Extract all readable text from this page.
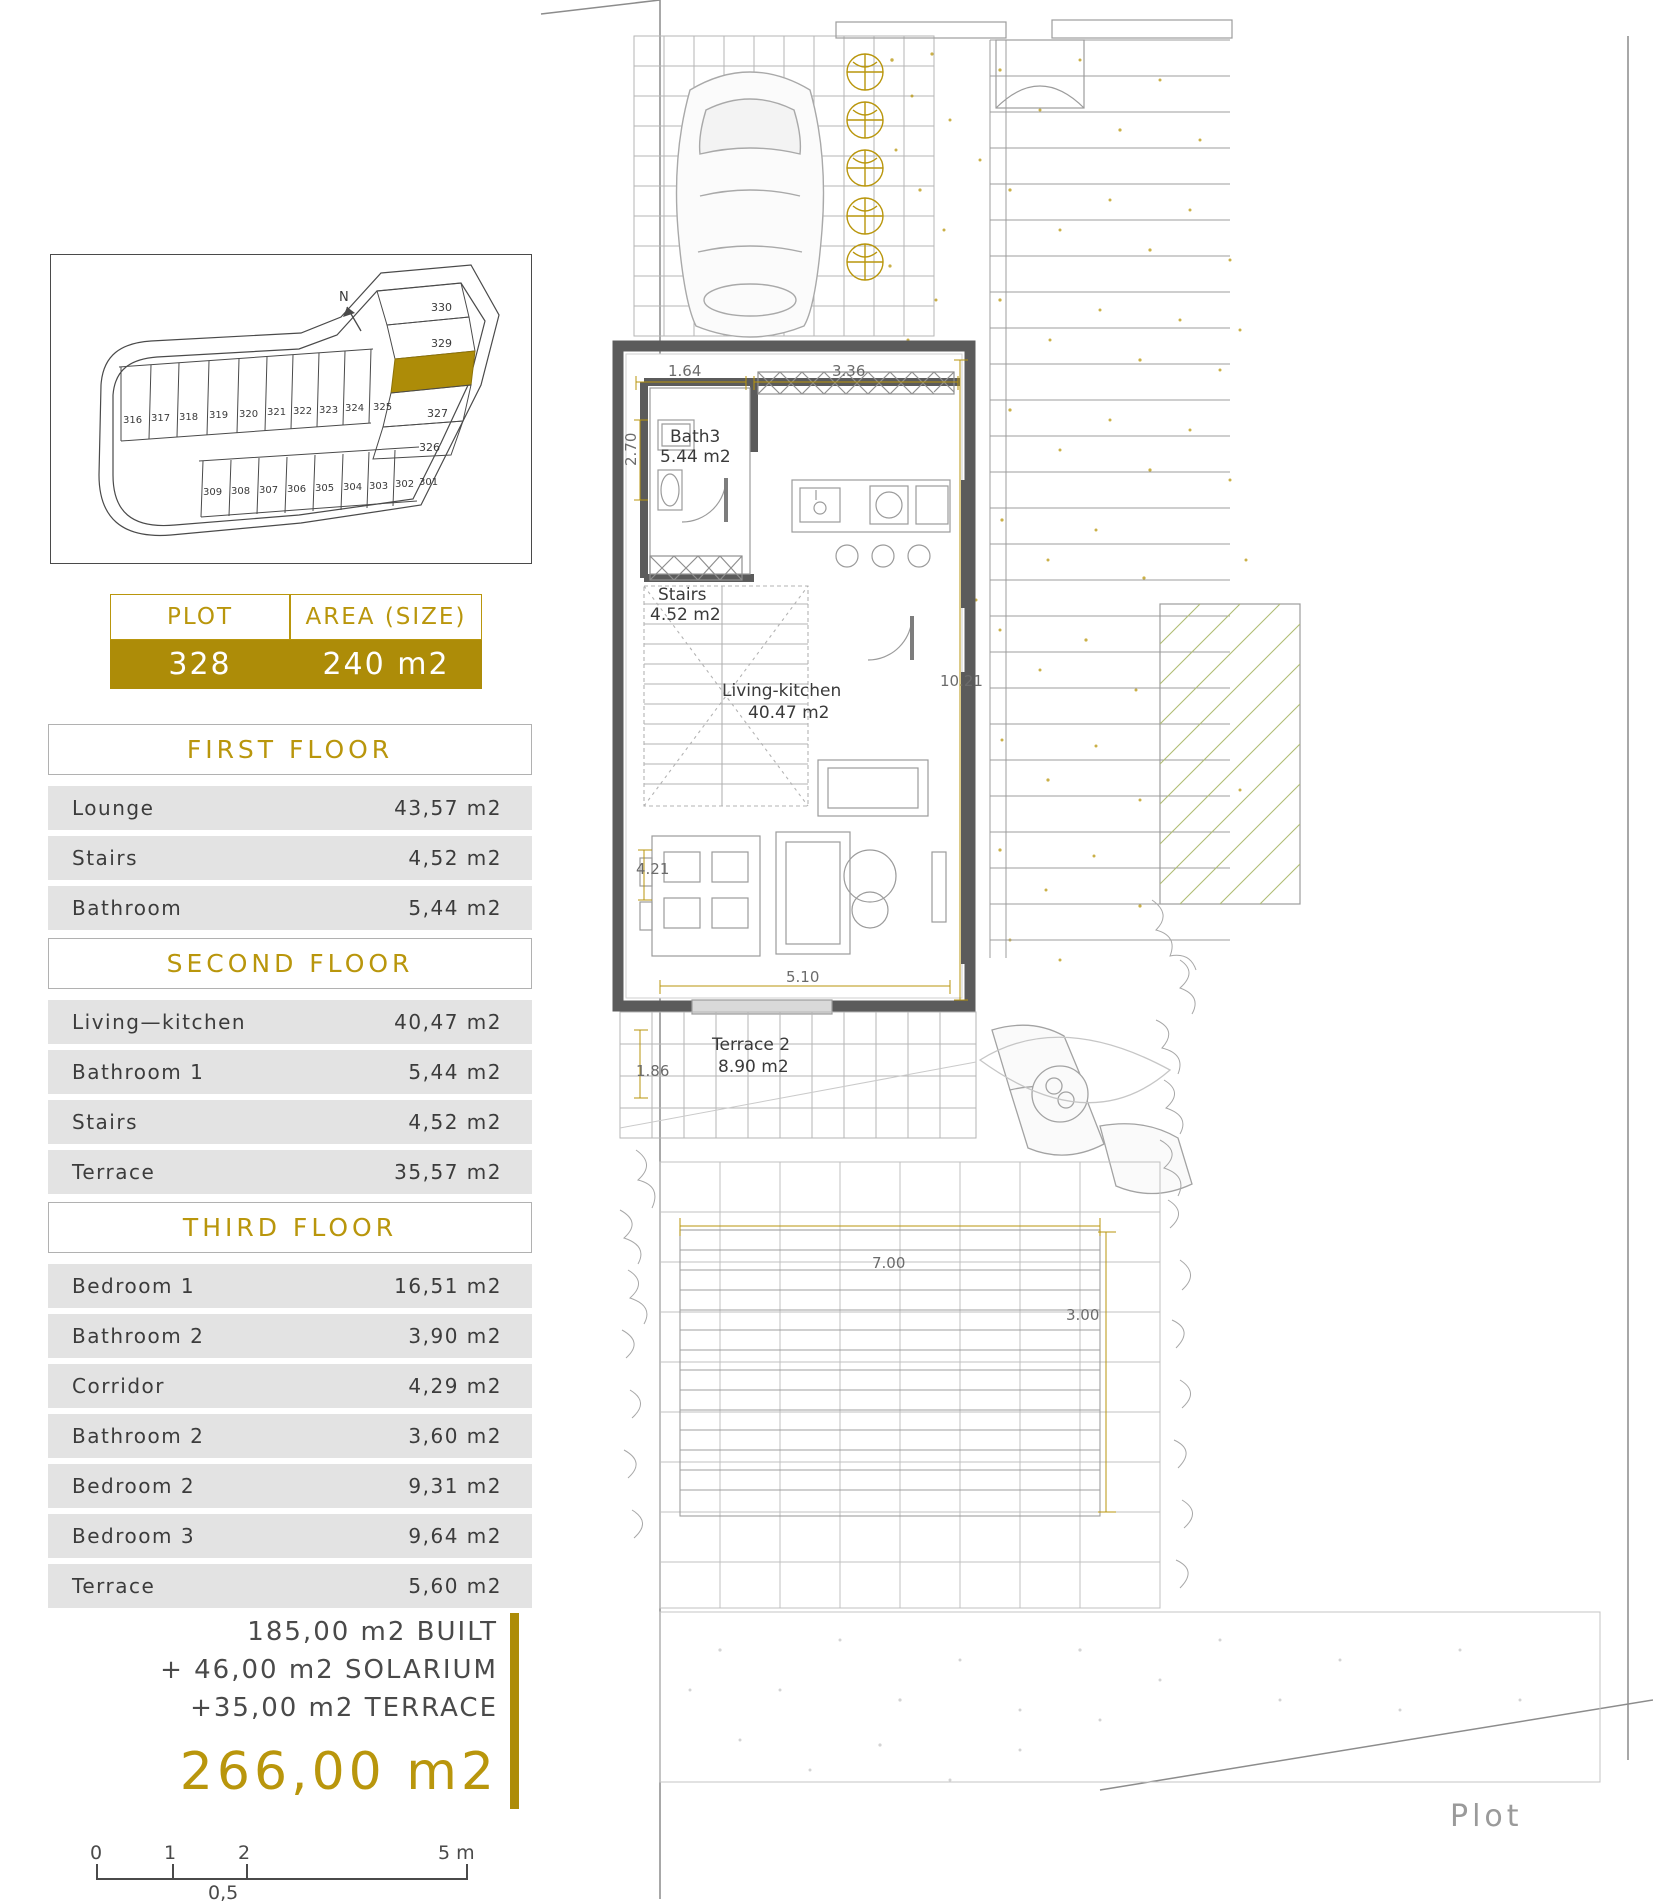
330
329
327
326
316 317 318 319 320 321 322 323 324 325
309 308 307 306 305 304 303 302 301
N
PLOT	AREA (SIZE)
328	240 m2
FIRST FLOOR
Lounge	43,57 m2
Stairs	4,52 m2
Bathroom	5,44 m2
SECOND FLOOR
Living—kitchen	40,47 m2
Bathroom 1	5,44 m2
Stairs	4,52 m2
Terrace	35,57 m2
THIRD FLOOR
Bedroom 1	16,51 m2
Bathroom 2	3,90 m2
Corridor	4,29 m2
Bathroom 2	3,60 m2
Bedroom 2	9,31 m2
Bedroom 3	9,64 m2
Terrace	5,60 m2
185,00 m2 BUILT
+ 46,00 m2 SOLARIUM
+35,00 m2 TERRACE
266,00 m2
0	1	2	5 m
0,5
1.64	3.36
2.70
10.21
4.21
5.10
1.86
7.00
3.00
Bath3
5.44 m2
Stairs
4.52 m2
Living-kitchen
40.47 m2
Terrace 2
8.90 m2
Plot
